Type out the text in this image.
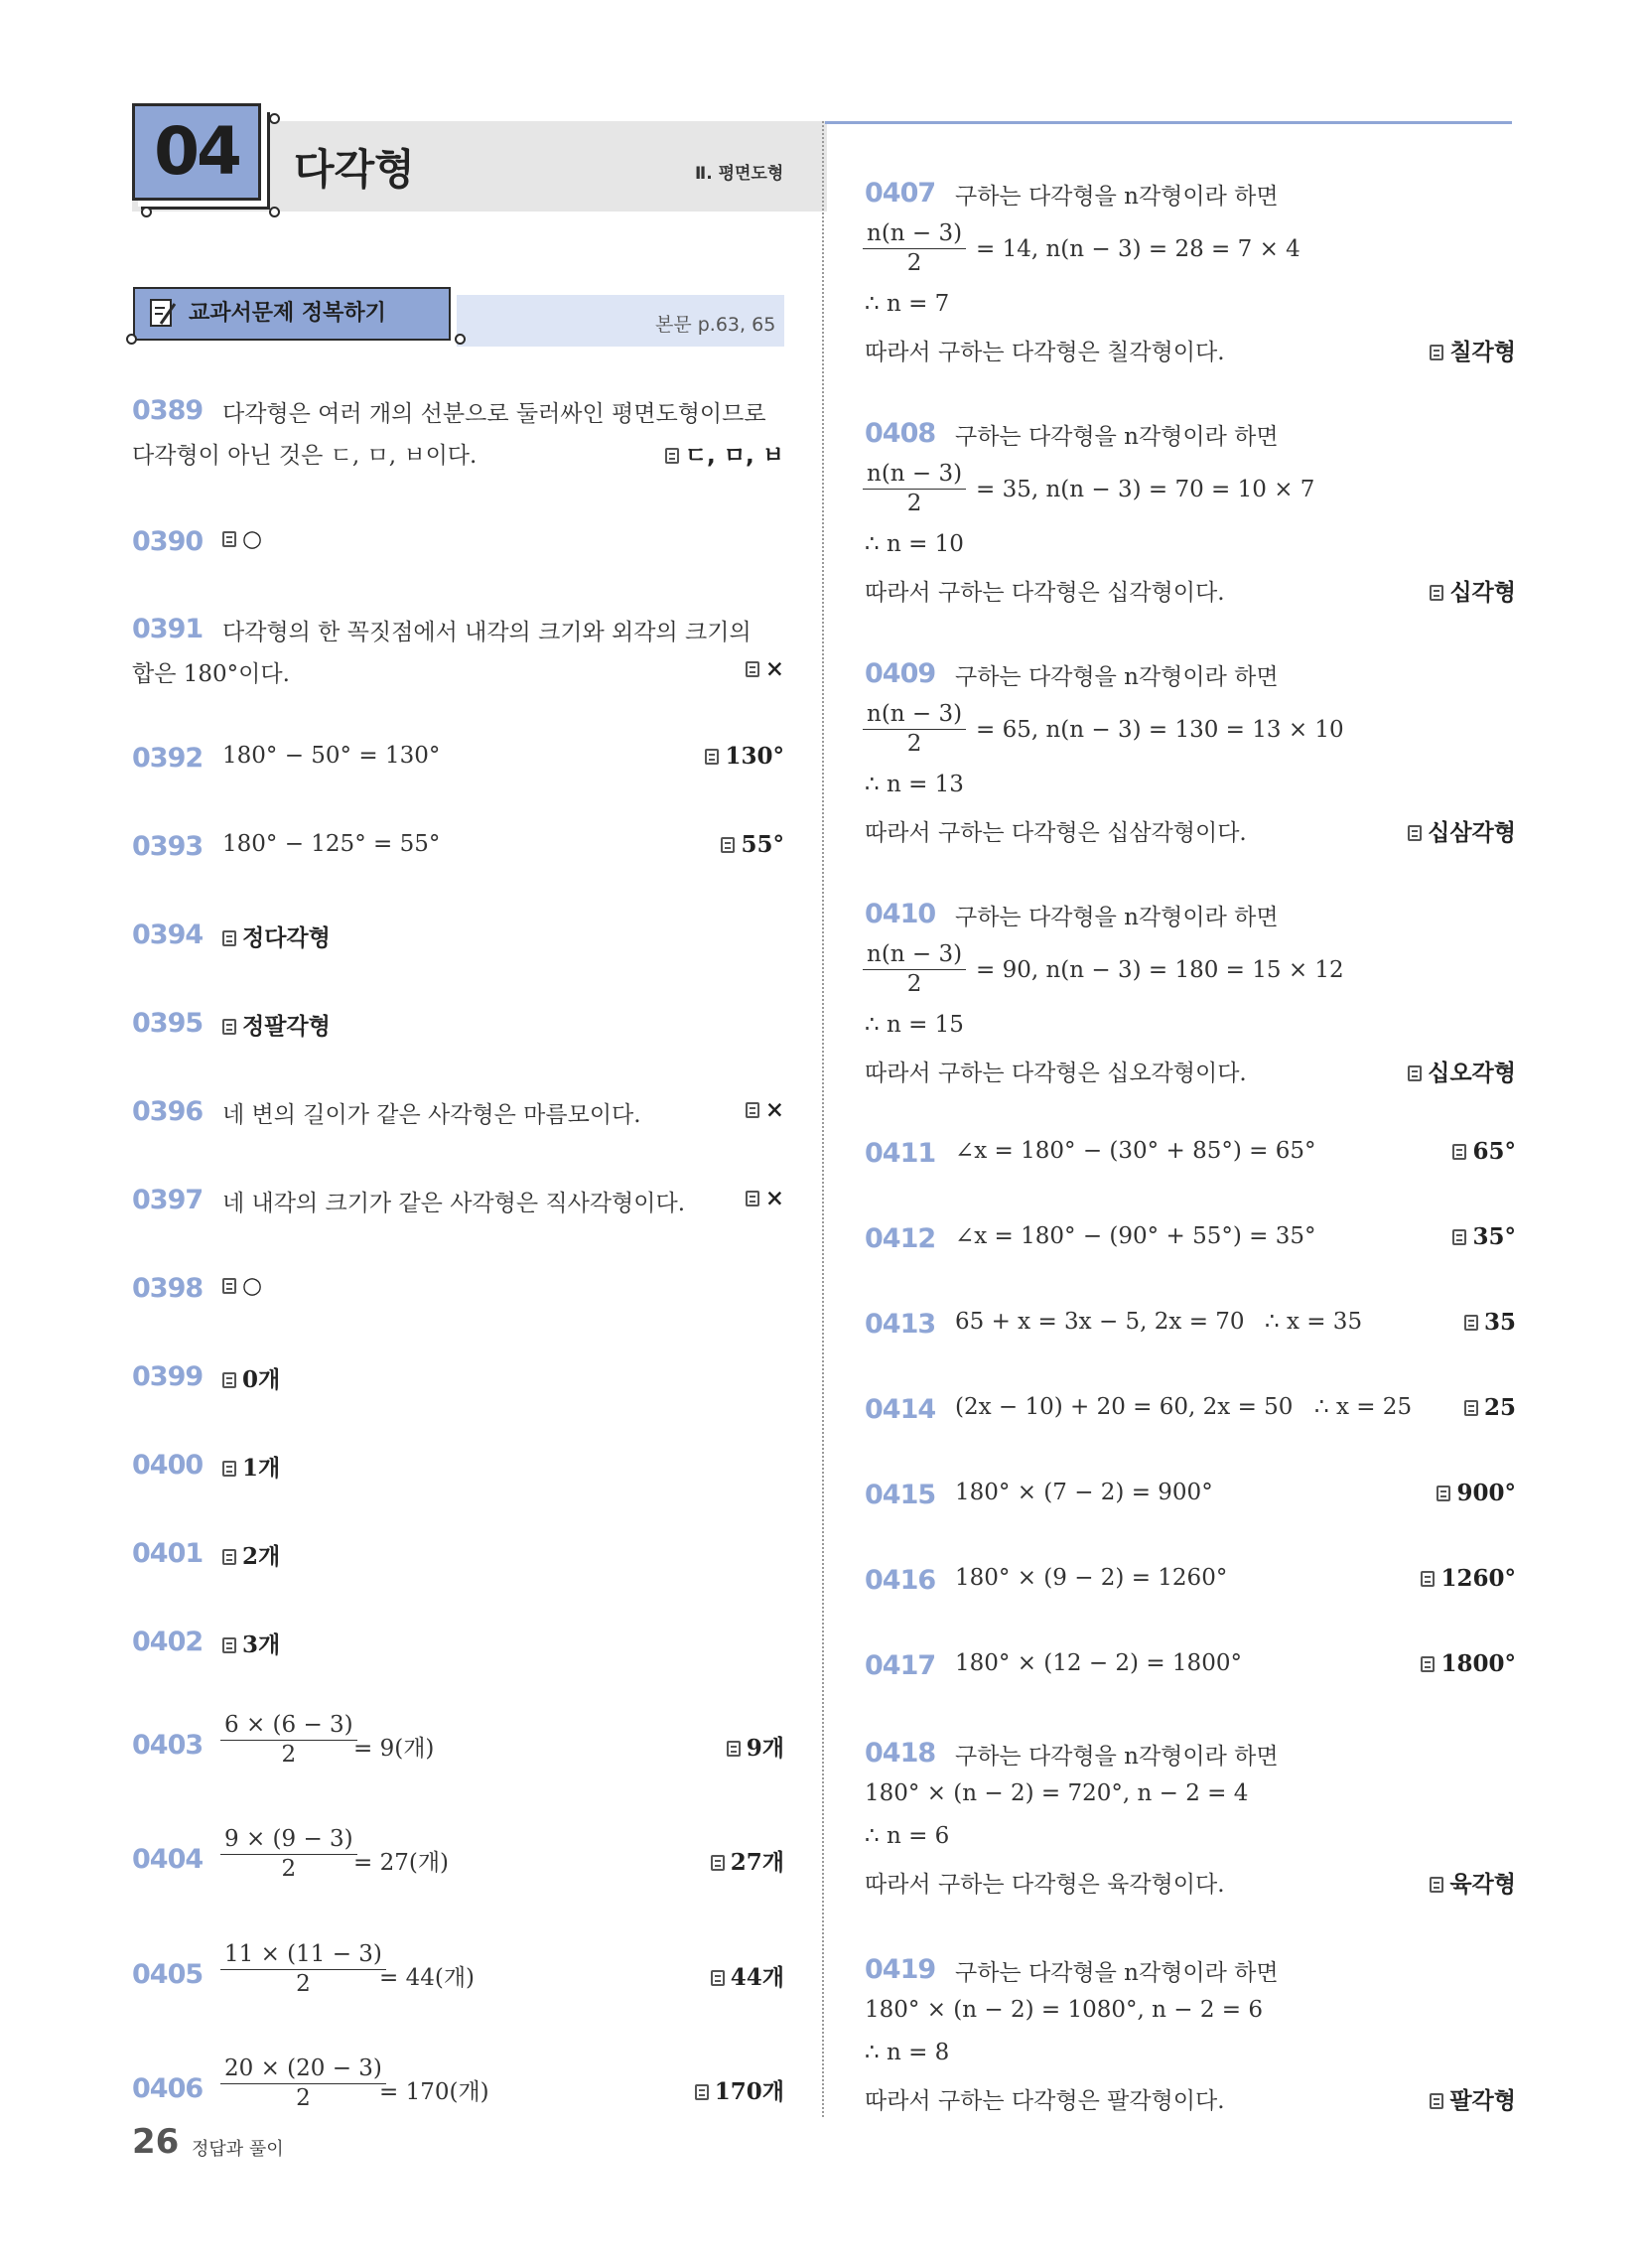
04	다각형	Ⅱ. 평면도형
교과서문제 정복하기	본문 p.63, 65
0389 다각형은 여러 개의 선분으로 둘러싸인 평면도형이므로
다각형이 아닌 것은 ㄷ, ㅁ, ㅂ이다.	ㄷ, ㅁ, ㅂ
0390	○
0391 다각형의 한 꼭짓점에서 내각의 크기와 외각의 크기의
합은 180°이다.	×
0392 180° − 50° = 130°	130°
0393 180° − 125° = 55°	55°
0394	정다각형
0395	정팔각형
0396 네 변의 길이가 같은 사각형은 마름모이다.	×
0397 네 내각의 크기가 같은 사각형은 직사각형이다.	×
0398	○
0399	0개
0400	1개
0401	2개
0402	3개
$0403 \frac{6 \times (6 - 3)}{2}$
= 9(개)	9개
$0404 \frac{9 \times (9 - 3)}{2}$
= 27(개)	27개
$0405 \frac{11 \times (11 - 3)}{2}$
= 44(개)	44개
$0406 \frac{20 \times (20 - 3)}{2}$
= 170(개)	170개
0407 구하는 다각형을 n각형이라 하면
$\frac{n(n - 3)}{2} = 14$, n(n − 3) = 28 = 7 × 4
∴ n = 7
따라서 구하는 다각형은 칠각형이다.	칠각형
0408 구하는 다각형을 n각형이라 하면
$\frac{n(n - 3)}{2} = 35$, n(n − 3) = 70 = 10 × 7
∴ n = 10
따라서 구하는 다각형은 십각형이다.	십각형
0409 구하는 다각형을 n각형이라 하면
$\frac{n(n - 3)}{2} = 65$, n(n − 3) = 130 = 13 × 10
∴ n = 13
따라서 구하는 다각형은 십삼각형이다.	십삼각형
0410 구하는 다각형을 n각형이라 하면
$\frac{n(n - 3)}{2} = 90$, n(n − 3) = 180 = 15 × 12
∴ n = 15
따라서 구하는 다각형은 십오각형이다.	십오각형
0411 ∠x = 180° − (30° + 85°) = 65°	65°
0412 ∠x = 180° − (90° + 55°) = 35°	35°
0413 65 + x = 3x − 5, 2x = 70 ∴ x = 35	35
0414 (2x − 10) + 20 = 60, 2x = 50 ∴ x = 25	25
0415 180° × (7 − 2) = 900°	900°
0416 180° × (9 − 2) = 1260°	1260°
0417 180° × (12 − 2) = 1800°	1800°
0418 구하는 다각형을 n각형이라 하면
180° × (n − 2) = 720°, n − 2 = 4
∴ n = 6
따라서 구하는 다각형은 육각형이다.	육각형
0419 구하는 다각형을 n각형이라 하면
180° × (n − 2) = 1080°, n − 2 = 6
∴ n = 8
따라서 구하는 다각형은 팔각형이다.	팔각형
26 정답과 풀이
